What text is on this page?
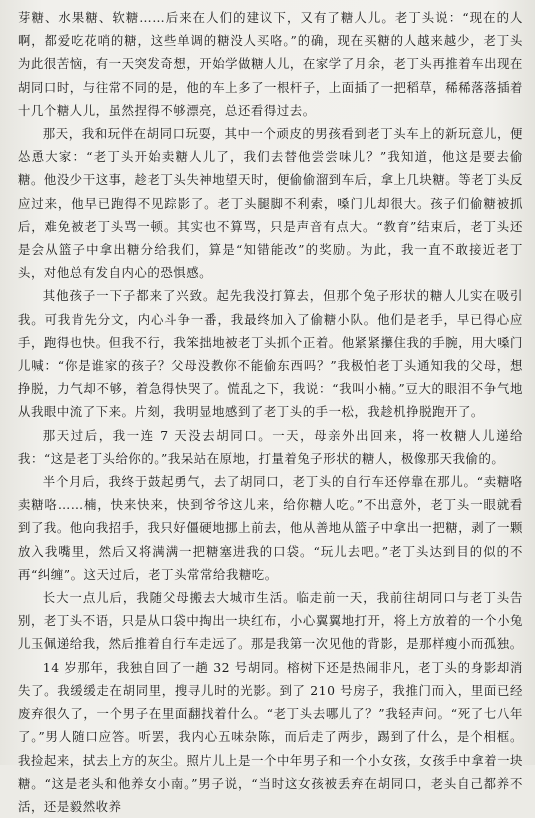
芽糖、水果糖、软糖……后来在人们的建议下，又有了糖人儿。老丁头说：“现在的人啊，都爱吃花哨的糖，这些单调的糖没人买咯。”的确，现在买糖的人越来越少，老丁头为此很苦恼，有一天突发奇想，开始学做糖人儿，在家学了月余，老丁头再推着车出现在胡同口时，与往常不同的是，他的车上多了一根杆子，上面插了一把稻草，稀稀落落插着十几个糖人儿，虽然捏得不够漂亮，总还看得过去。

那天，我和玩伴在胡同口玩耍，其中一个顽皮的男孩看到老丁头车上的新玩意儿，便怂恿大家：“老丁头开始卖糖人儿了，我们去替他尝尝味儿？”我知道，他这是要去偷糖。他没少干这事，趁老丁头失神地望天时，便偷偷溜到车后，拿上几块糖。等老丁头反应过来，他早已跑得不见踪影了。老丁头腿脚不利索，嗓门儿却很大。孩子们偷糖被抓后，难免被老丁头骂一顿。其实也不算骂，只是声音有点大。“教育”结束后，老丁头还是会从篮子中拿出糖分给我们，算是“知错能改”的奖励。为此，我一直不敢接近老丁头，对他总有发自内心的恐惧感。

其他孩子一下子都来了兴致。起先我没打算去，但那个兔子形状的糖人儿实在吸引我。可我肯先分文，内心斗争一番，我最终加入了偷糖小队。他们是老手，早已得心应手，跑得也快。但我不行，我笨拙地被老丁头抓个正着。他紧紧攥住我的手腕，用大嗓门儿喊：“你是谁家的孩子？父母没教你不能偷东西吗？”我极怕老丁头通知我的父母，想挣脱，力气却不够，着急得快哭了。慌乱之下，我说：“我叫小楠。”豆大的眼泪不争气地从我眼中流了下来。片刻，我明显地感到了老丁头的手一松，我趁机挣脱跑开了。

那天过后，我一连 7 天没去胡同口。一天，母亲外出回来，将一枚糖人儿递给我：“这是老丁头给你的。”我呆站在原地，打量着兔子形状的糖人，极像那天我偷的。

半个月后，我终于鼓起勇气，去了胡同口，老丁头的自行车还停靠在那儿。“卖糖咯卖糖咯……楠，快来快来，快到爷爷这儿来，给你糖人吃。”不出意外，老丁头一眼就看到了我。他向我招手，我只好僵硬地挪上前去，他从善地从篮子中拿出一把糖，剥了一颗放入我嘴里，然后又将满满一把糖塞进我的口袋。“玩儿去吧。”老丁头达到目的似的不再“纠缠”。这天过后，老丁头常常给我糖吃。

长大一点儿后，我随父母搬去大城市生活。临走前一天，我前往胡同口与老丁头告别，老丁头不语，只是从口袋中掏出一块红布，小心翼翼地打开，将上方放着的一个小兔儿玉佩递给我，然后推着自行车走远了。那是我第一次见他的背影，是那样瘦小而孤独。

14 岁那年，我独自回了一趟 32 号胡同。榕树下还是热闹非凡，老丁头的身影却消失了。我缓缓走在胡同里，搜寻儿时的光影。到了 210 号房子，我推门而入，里面已经废弃很久了，一个男子在里面翻找着什么。“老丁头去哪儿了？”我轻声问。“死了七八年了。”男人随口应答。听罢，我内心五味杂陈，而后走了两步，踢到了什么，是个相框。我捡起来，拭去上方的灰尘。照片儿上是一个中年男子和一个小女孩，女孩手中拿着一块糖。“这是老头和他养女小南。”男子说，“当时这女孩被丢弃在胡同口，老头自己都养不活，还是毅然收养
